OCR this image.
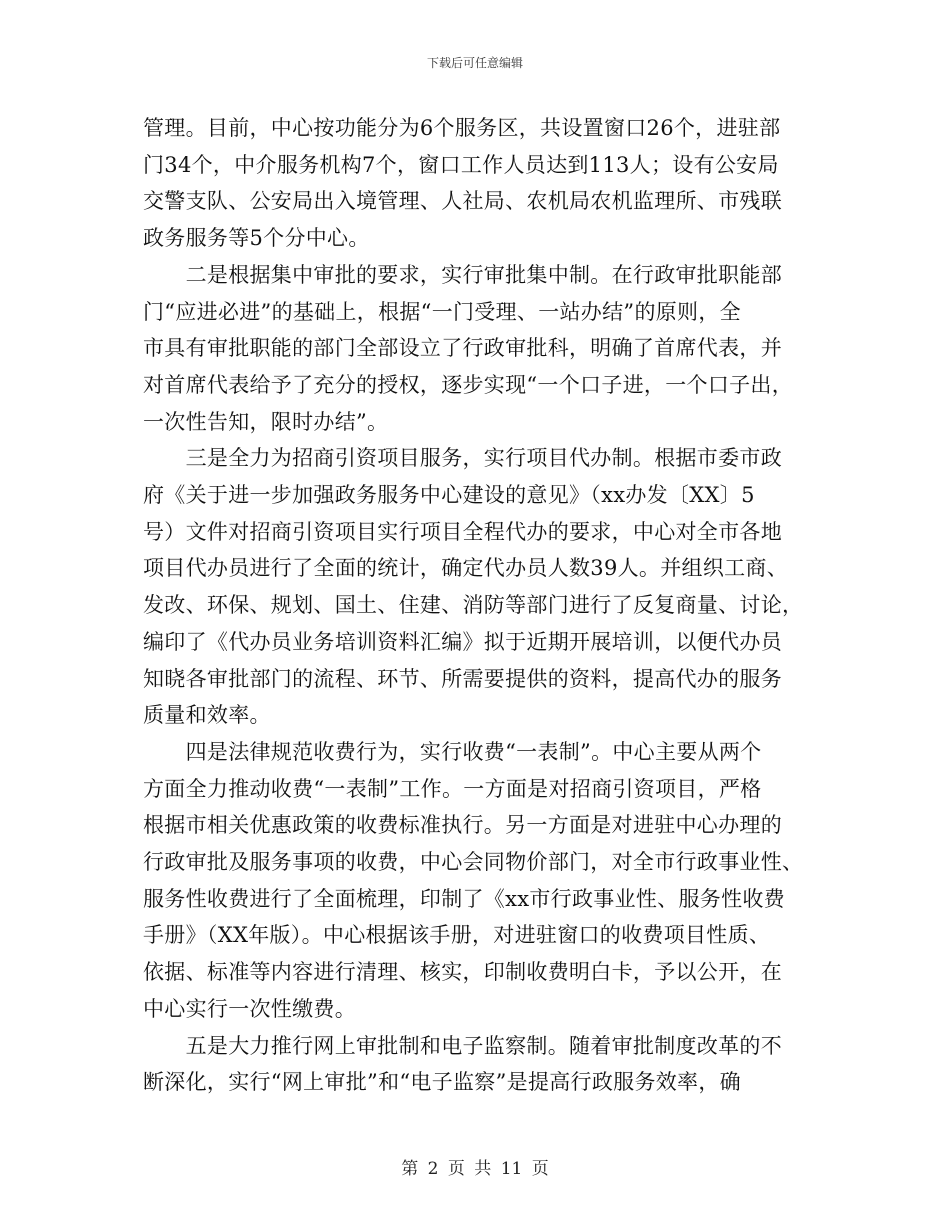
下载后可任意编辑

管理。目前，中心按功能分为6个服务区，共设置窗口26个，进驻部
门34个，中介服务机构7个，窗口工作人员达到113人；设有公安局
交警支队、公安局出入境管理、人社局、农机局农机监理所、市残联
政务服务等5个分中心。

　　二是根据集中审批的要求，实行审批集中制。在行政审批职能部
门“应进必进”的基础上，根据“一门受理、一站办结”的原则，全
市具有审批职能的部门全部设立了行政审批科，明确了首席代表，并
对首席代表给予了充分的授权，逐步实现“一个口子进，一个口子出，
一次性告知，限时办结”。

　　三是全力为招商引资项目服务，实行项目代办制。根据市委市政
府《关于进一步加强政务服务中心建设的意见》（xx办发〔XX〕5
号）文件对招商引资项目实行项目全程代办的要求，中心对全市各地
项目代办员进行了全面的统计，确定代办员人数39人。并组织工商、
发改、环保、规划、国土、住建、消防等部门进行了反复商量、讨论，
编印了《代办员业务培训资料汇编》拟于近期开展培训，以便代办员
知晓各审批部门的流程、环节、所需要提供的资料，提高代办的服务
质量和效率。

　　四是法律规范收费行为，实行收费“一表制”。中心主要从两个
方面全力推动收费“一表制”工作。一方面是对招商引资项目，严格
根据市相关优惠政策的收费标准执行。另一方面是对进驻中心办理的
行政审批及服务事项的收费，中心会同物价部门，对全市行政事业性、
服务性收费进行了全面梳理，印制了《xx市行政事业性、服务性收费
手册》（XX年版）。中心根据该手册，对进驻窗口的收费项目性质、
依据、标准等内容进行清理、核实，印制收费明白卡，予以公开，在
中心实行一次性缴费。

　　五是大力推行网上审批制和电子监察制。随着审批制度改革的不
断深化，实行“网上审批”和“电子监察”是提高行政服务效率，确

第 2 页 共 11 页
